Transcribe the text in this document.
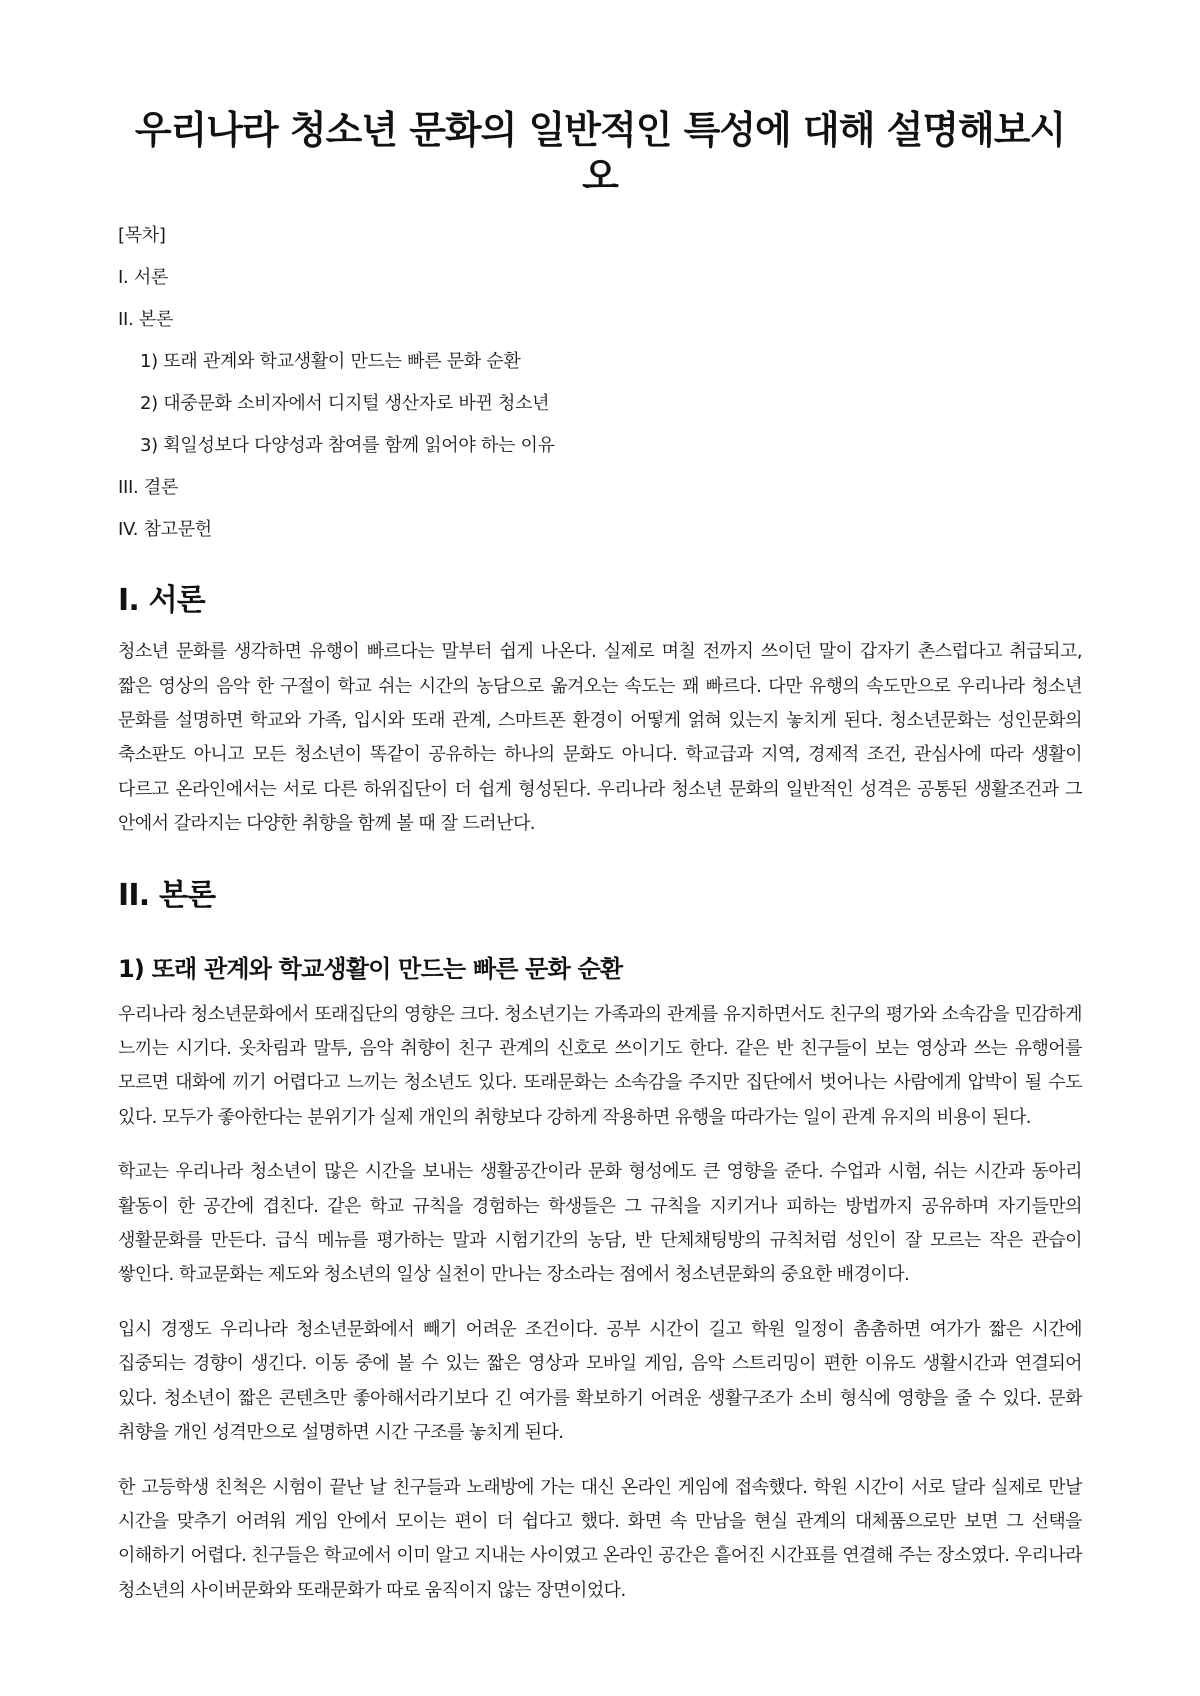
우리나라 청소년 문화의 일반적인 특성에 대해 설명해보시오
[목차]
I. 서론
II. 본론
1) 또래 관계와 학교생활이 만드는 빠른 문화 순환
2) 대중문화 소비자에서 디지털 생산자로 바뀐 청소년
3) 획일성보다 다양성과 참여를 함께 읽어야 하는 이유
III. 결론
IV. 참고문헌
I. 서론

청소년 문화를 생각하면 유행이 빠르다는 말부터 쉽게 나온다. 실제로 며칠 전까지 쓰이던 말이 갑자기 촌스럽다고 취급되고, 짧은 영상의 음악 한 구절이 학교 쉬는 시간의 농담으로 옮겨오는 속도는 꽤 빠르다. 다만 유행의 속도만으로 우리나라 청소년 문화를 설명하면 학교와 가족, 입시와 또래 관계, 스마트폰 환경이 어떻게 얽혀 있는지 놓치게 된다. 청소년문화는 성인문화의 축소판도 아니고 모든 청소년이 똑같이 공유하는 하나의 문화도 아니다. 학교급과 지역, 경제적 조건, 관심사에 따라 생활이 다르고 온라인에서는 서로 다른 하위집단이 더 쉽게 형성된다. 우리나라 청소년 문화의 일반적인 성격은 공통된 생활조건과 그 안에서 갈라지는 다양한 취향을 함께 볼 때 잘 드러난다.

II. 본론
1) 또래 관계와 학교생활이 만드는 빠른 문화 순환

우리나라 청소년문화에서 또래집단의 영향은 크다. 청소년기는 가족과의 관계를 유지하면서도 친구의 평가와 소속감을 민감하게 느끼는 시기다. 옷차림과 말투, 음악 취향이 친구 관계의 신호로 쓰이기도 한다. 같은 반 친구들이 보는 영상과 쓰는 유행어를 모르면 대화에 끼기 어렵다고 느끼는 청소년도 있다. 또래문화는 소속감을 주지만 집단에서 벗어나는 사람에게 압박이 될 수도 있다. 모두가 좋아한다는 분위기가 실제 개인의 취향보다 강하게 작용하면 유행을 따라가는 일이 관계 유지의 비용이 된다.

학교는 우리나라 청소년이 많은 시간을 보내는 생활공간이라 문화 형성에도 큰 영향을 준다. 수업과 시험, 쉬는 시간과 동아리 활동이 한 공간에 겹친다. 같은 학교 규칙을 경험하는 학생들은 그 규칙을 지키거나 피하는 방법까지 공유하며 자기들만의 생활문화를 만든다. 급식 메뉴를 평가하는 말과 시험기간의 농담, 반 단체채팅방의 규칙처럼 성인이 잘 모르는 작은 관습이 쌓인다. 학교문화는 제도와 청소년의 일상 실천이 만나는 장소라는 점에서 청소년문화의 중요한 배경이다.

입시 경쟁도 우리나라 청소년문화에서 빼기 어려운 조건이다. 공부 시간이 길고 학원 일정이 촘촘하면 여가가 짧은 시간에 집중되는 경향이 생긴다. 이동 중에 볼 수 있는 짧은 영상과 모바일 게임, 음악 스트리밍이 편한 이유도 생활시간과 연결되어 있다. 청소년이 짧은 콘텐츠만 좋아해서라기보다 긴 여가를 확보하기 어려운 생활구조가 소비 형식에 영향을 줄 수 있다. 문화 취향을 개인 성격만으로 설명하면 시간 구조를 놓치게 된다.

한 고등학생 친척은 시험이 끝난 날 친구들과 노래방에 가는 대신 온라인 게임에 접속했다. 학원 시간이 서로 달라 실제로 만날 시간을 맞추기 어려워 게임 안에서 모이는 편이 더 쉽다고 했다. 화면 속 만남을 현실 관계의 대체품으로만 보면 그 선택을 이해하기 어렵다. 친구들은 학교에서 이미 알고 지내는 사이였고 온라인 공간은 흩어진 시간표를 연결해 주는 장소였다. 우리나라 청소년의 사이버문화와 또래문화가 따로 움직이지 않는 장면이었다.
